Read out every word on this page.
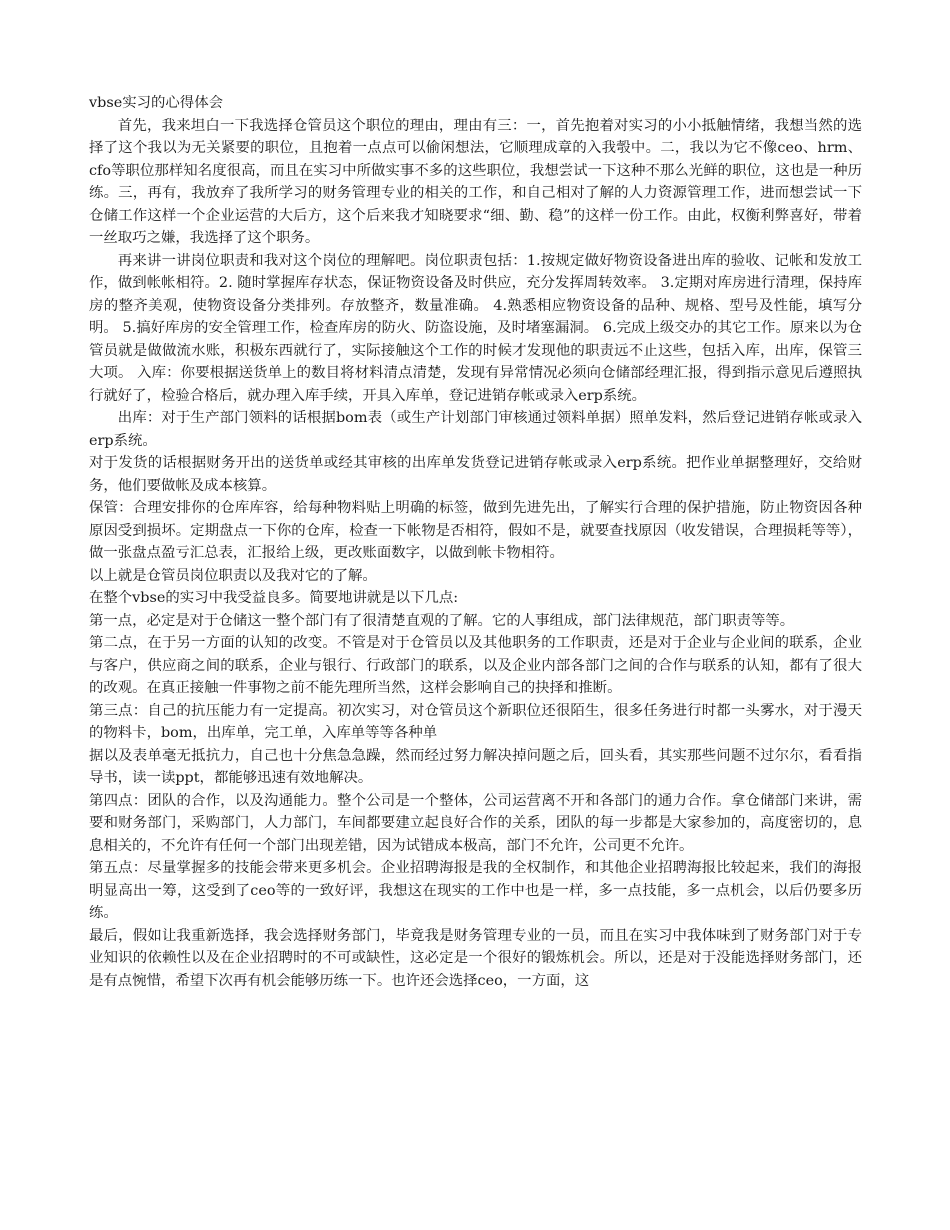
vbse实习的心得体会

首先，我来坦白一下我选择仓管员这个职位的理由，理由有三：一，首先抱着对实习的小小抵触情绪，我想当然的选择了这个我以为无关紧要的职位，且抱着一点点可以偷闲想法，它顺理成章的入我彀中。二，我以为它不像ceo、hrm、cfo等职位那样知名度很高，而且在实习中所做实事不多的这些职位，我想尝试一下这种不那么光鲜的职位，这也是一种历练。三，再有，我放弃了我所学习的财务管理专业的相关的工作，和自己相对了解的人力资源管理工作，进而想尝试一下仓储工作这样一个企业运营的大后方，这个后来我才知晓要求“细、勤、稳”的这样一份工作。由此，权衡利弊喜好，带着一丝取巧之嫌，我选择了这个职务。

再来讲一讲岗位职责和我对这个岗位的理解吧。岗位职责包括：1.按规定做好物资设备进出库的验收、记帐和发放工作，做到帐帐相符。2. 随时掌握库存状态，保证物资设备及时供应，充分发挥周转效率。 3.定期对库房进行清理，保持库房的整齐美观，使物资设备分类排列。存放整齐，数量准确。 4.熟悉相应物资设备的品种、规格、型号及性能，填写分明。 5.搞好库房的安全管理工作，检查库房的防火、防盗设施，及时堵塞漏洞。 6.完成上级交办的其它工作。原来以为仓管员就是做做流水账，积极东西就行了，实际接触这个工作的时候才发现他的职责远不止这些，包括入库，出库，保管三大项。 入库：你要根据送货单上的数目将材料清点清楚，发现有异常情况必须向仓储部经理汇报，得到指示意见后遵照执行就好了，检验合格后，就办理入库手续，开具入库单，登记进销存帐或录入erp系统。

出库：对于生产部门领料的话根据bom表（或生产计划部门审核通过领料单据）照单发料，然后登记进销存帐或录入erp系统。

对于发货的话根据财务开出的送货单或经其审核的出库单发货登记进销存帐或录入erp系统。把作业单据整理好，交给财务，他们要做帐及成本核算。

保管：合理安排你的仓库库容，给每种物料贴上明确的标签，做到先进先出，了解实行合理的保护措施，防止物资因各种原因受到损坏。定期盘点一下你的仓库，检查一下帐物是否相符，假如不是，就要查找原因（收发错误，合理损耗等等），做一张盘点盈亏汇总表，汇报给上级，更改账面数字，以做到帐卡物相符。

以上就是仓管员岗位职责以及我对它的了解。

在整个vbse的实习中我受益良多。简要地讲就是以下几点:

第一点，必定是对于仓储这一整个部门有了很清楚直观的了解。它的人事组成，部门法律规范，部门职责等等。

第二点，在于另一方面的认知的改变。不管是对于仓管员以及其他职务的工作职责，还是对于企业与企业间的联系，企业与客户，供应商之间的联系，企业与银行、行政部门的联系，以及企业内部各部门之间的合作与联系的认知，都有了很大的改观。在真正接触一件事物之前不能先理所当然，这样会影响自己的抉择和推断。

第三点：自己的抗压能力有一定提高。初次实习，对仓管员这个新职位还很陌生，很多任务进行时都一头雾水，对于漫天的物料卡，bom，出库单，完工单，入库单等等各种单

据以及表单毫无抵抗力，自己也十分焦急急躁，然而经过努力解决掉问题之后，回头看，其实那些问题不过尔尔，看看指导书，读一读ppt，都能够迅速有效地解决。

第四点：团队的合作，以及沟通能力。整个公司是一个整体，公司运营离不开和各部门的通力合作。拿仓储部门来讲，需要和财务部门，采购部门，人力部门，车间都要建立起良好合作的关系，团队的每一步都是大家参加的，高度密切的，息息相关的，不允许有任何一个部门出现差错，因为试错成本极高，部门不允许，公司更不允许。

第五点：尽量掌握多的技能会带来更多机会。企业招聘海报是我的全权制作，和其他企业招聘海报比较起来，我们的海报明显高出一筹，这受到了ceo等的一致好评，我想这在现实的工作中也是一样，多一点技能，多一点机会，以后仍要多历练。

最后，假如让我重新选择，我会选择财务部门，毕竟我是财务管理专业的一员，而且在实习中我体味到了财务部门对于专业知识的依赖性以及在企业招聘时的不可或缺性，这必定是一个很好的锻炼机会。所以，还是对于没能选择财务部门，还是有点惋惜，希望下次再有机会能够历练一下。也许还会选择ceo，一方面，这
